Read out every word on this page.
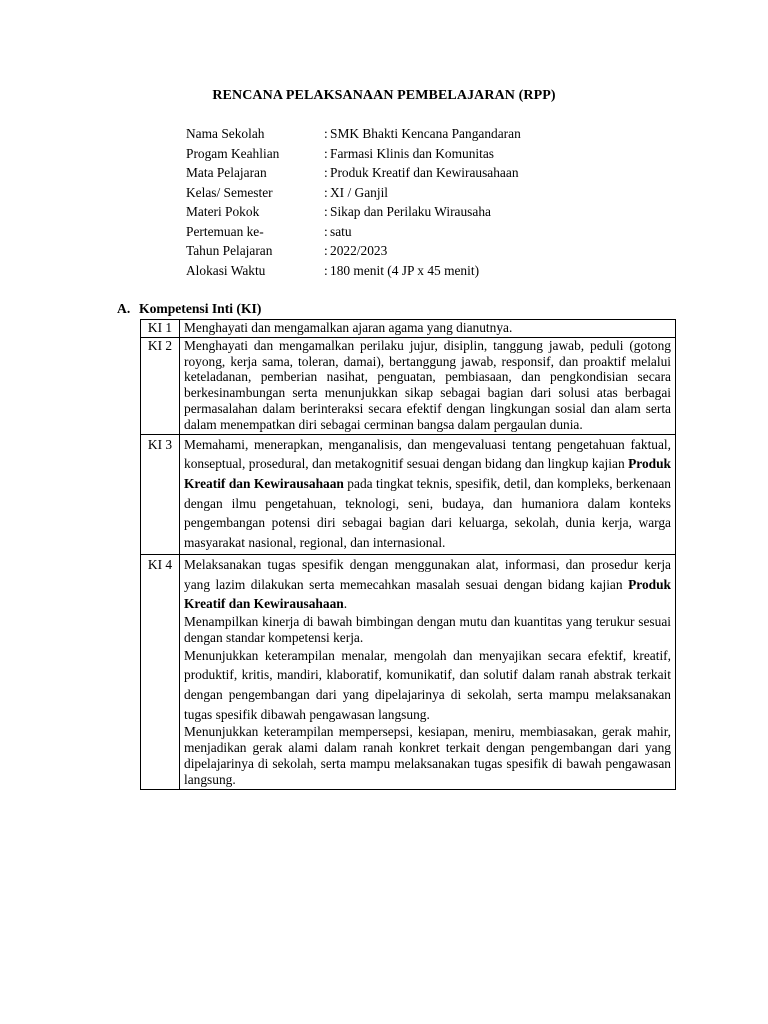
RENCANA PELAKSANAAN PEMBELAJARAN (RPP)
Nama Sekolah	: SMK Bhakti Kencana Pangandaran
Progam Keahlian	: Farmasi Klinis dan Komunitas
Mata Pelajaran	: Produk Kreatif dan Kewirausahaan
Kelas/ Semester	: XI / Ganjil
Materi Pokok	: Sikap dan Perilaku Wirausaha
Pertemuan ke-	: satu
Tahun Pelajaran	: 2022/2023
Alokasi Waktu	: 180 menit (4 JP x 45 menit)
A. Kompetensi Inti (KI)
KI 1	Menghayati dan mengamalkan ajaran agama yang dianutnya.
KI 2	Menghayati dan mengamalkan perilaku jujur, disiplin, tanggung jawab, peduli (gotong royong, kerja sama, toleran, damai), bertanggung jawab, responsif, dan proaktif melalui keteladanan, pemberian nasihat, penguatan, pembiasaan, dan pengkondisian secara berkesinambungan serta menunjukkan sikap sebagai bagian dari solusi atas berbagai permasalahan dalam berinteraksi secara efektif dengan lingkungan sosial dan alam serta dalam menempatkan diri sebagai cerminan bangsa dalam pergaulan dunia.
KI 3	Memahami, menerapkan, menganalisis, dan mengevaluasi tentang pengetahuan faktual, konseptual, prosedural, dan metakognitif sesuai dengan bidang dan lingkup kajian Produk Kreatif dan Kewirausahaan pada tingkat teknis, spesifik, detil, dan kompleks, berkenaan dengan ilmu pengetahuan, teknologi, seni, budaya, dan humaniora dalam konteks pengembangan potensi diri sebagai bagian dari keluarga, sekolah, dunia kerja, warga masyarakat nasional, regional, dan internasional.
KI 4	Melaksanakan tugas spesifik dengan menggunakan alat, informasi, dan prosedur kerja yang lazim dilakukan serta memecahkan masalah sesuai dengan bidang kajian Produk Kreatif dan Kewirausahaan.

Menampilkan kinerja di bawah bimbingan dengan mutu dan kuantitas yang terukur sesuai dengan standar kompetensi kerja.

Menunjukkan keterampilan menalar, mengolah dan menyajikan secara efektif, kreatif, produktif, kritis, mandiri, klaboratif, komunikatif, dan solutif dalam ranah abstrak terkait dengan pengembangan dari yang dipelajarinya di sekolah, serta mampu melaksanakan tugas spesifik dibawah pengawasan langsung.

Menunjukkan keterampilan mempersepsi, kesiapan, meniru, membiasakan, gerak mahir, menjadikan gerak alami dalam ranah konkret terkait dengan pengembangan dari yang dipelajarinya di sekolah, serta mampu melaksanakan tugas spesifik di bawah pengawasan langsung.
